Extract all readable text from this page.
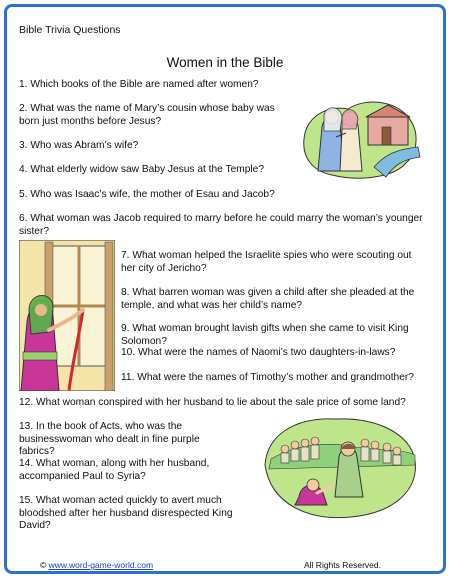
Bible Trivia Questions
Women in the Bible
1. Which books of the Bible are named after women?
2. What was the name of Mary’s cousin whose baby was born just months before Jesus?
3. Who was Abram’s wife?
4. What elderly widow saw Baby Jesus at the Temple?
5. Who was Isaac’s wife, the mother of Esau and Jacob?
6. What woman was Jacob required to marry before he could marry the woman’s younger sister?
7. What woman helped the Israelite spies who were scouting out her city of Jericho?
8. What barren woman was given a child after she pleaded at the temple, and what was her child’s name?
9. What woman brought lavish gifts when she came to visit King Solomon?
10. What were the names of Naomi’s two daughters-in-laws?
11. What were the names of Timothy’s mother and grandmother?
12. What woman conspired with her husband to lie about the sale price of some land?
13. In the book of Acts, who was the businesswoman who dealt in fine purple fabrics?
14. What woman, along with her husband, accompanied Paul to Syria?
15. What woman acted quickly to avert much bloodshed after her husband disrespected King David?
© www.word-game-world.com	All Rights Reserved.
